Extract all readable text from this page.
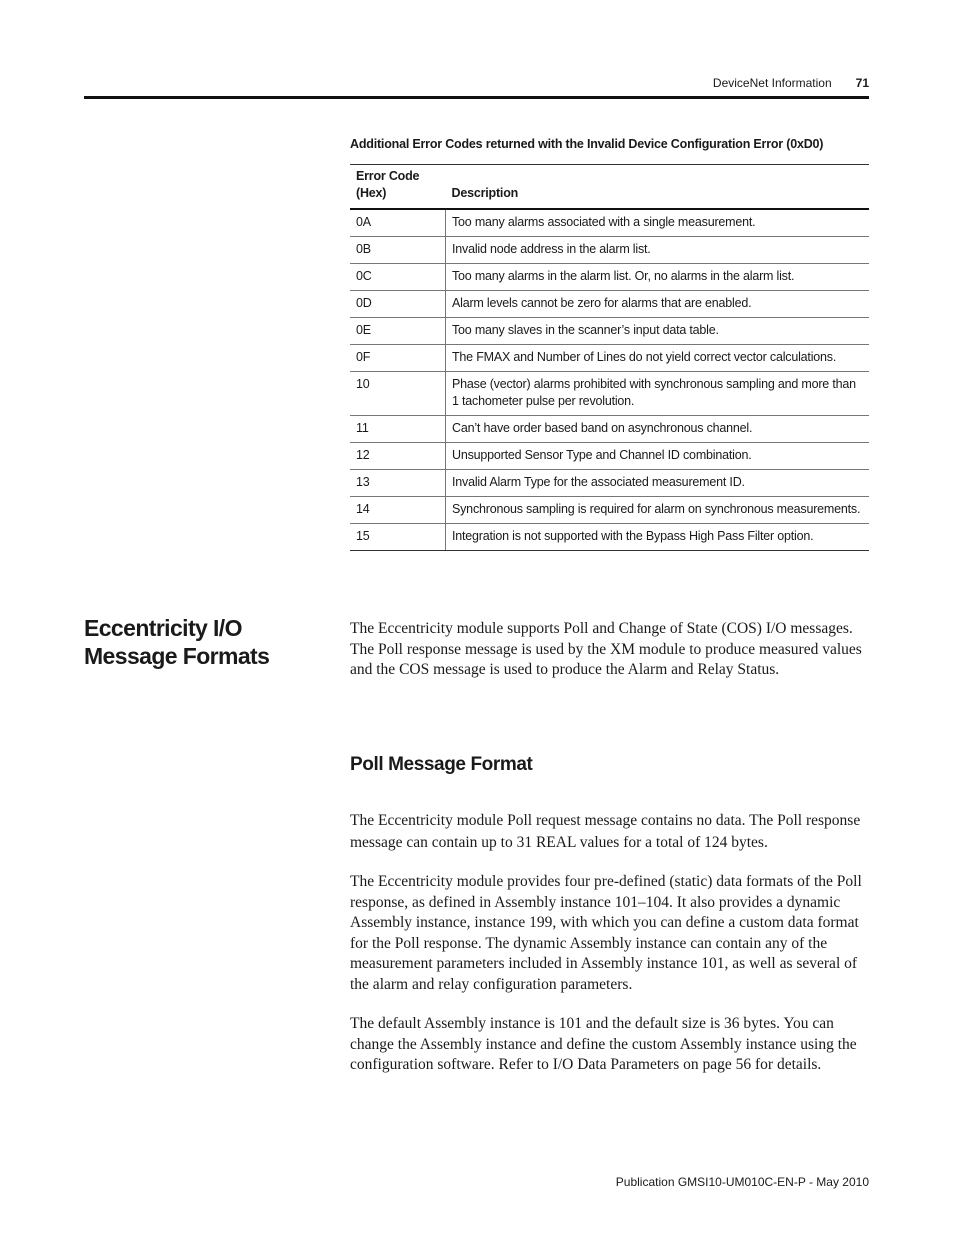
DeviceNet Information 71
Additional Error Codes returned with the Invalid Device Configuration Error (0xD0)
Error Code (Hex)	Description
0A	Too many alarms associated with a single measurement.
0B	Invalid node address in the alarm list.
0C	Too many alarms in the alarm list. Or, no alarms in the alarm list.
0D	Alarm levels cannot be zero for alarms that are enabled.
0E	Too many slaves in the scanner’s input data table.
0F	The FMAX and Number of Lines do not yield correct vector calculations.
10	Phase (vector) alarms prohibited with synchronous sampling and more than 1 tachometer pulse per revolution.
11	Can’t have order based band on asynchronous channel.
12	Unsupported Sensor Type and Channel ID combination.
13	Invalid Alarm Type for the associated measurement ID.
14	Synchronous sampling is required for alarm on synchronous measurements.
15	Integration is not supported with the Bypass High Pass Filter option.
Eccentricity I/O Message Formats

The Eccentricity module supports Poll and Change of State (COS) I/O messages. The Poll response message is used by the XM module to produce measured values and the COS message is used to produce the Alarm and Relay Status.

Poll Message Format

The Eccentricity module Poll request message contains no data. The Poll response message can contain up to 31 REAL values for a total of 124 bytes.

The Eccentricity module provides four pre-defined (static) data formats of the Poll response, as defined in Assembly instance 101–104. It also provides a dynamic Assembly instance, instance 199, with which you can define a custom data format for the Poll response. The dynamic Assembly instance can contain any of the measurement parameters included in Assembly instance 101, as well as several of the alarm and relay configuration parameters.

The default Assembly instance is 101 and the default size is 36 bytes. You can change the Assembly instance and define the custom Assembly instance using the configuration software. Refer to I/O Data Parameters on page 56 for details.

Publication GMSI10-UM010C-EN-P - May 2010
